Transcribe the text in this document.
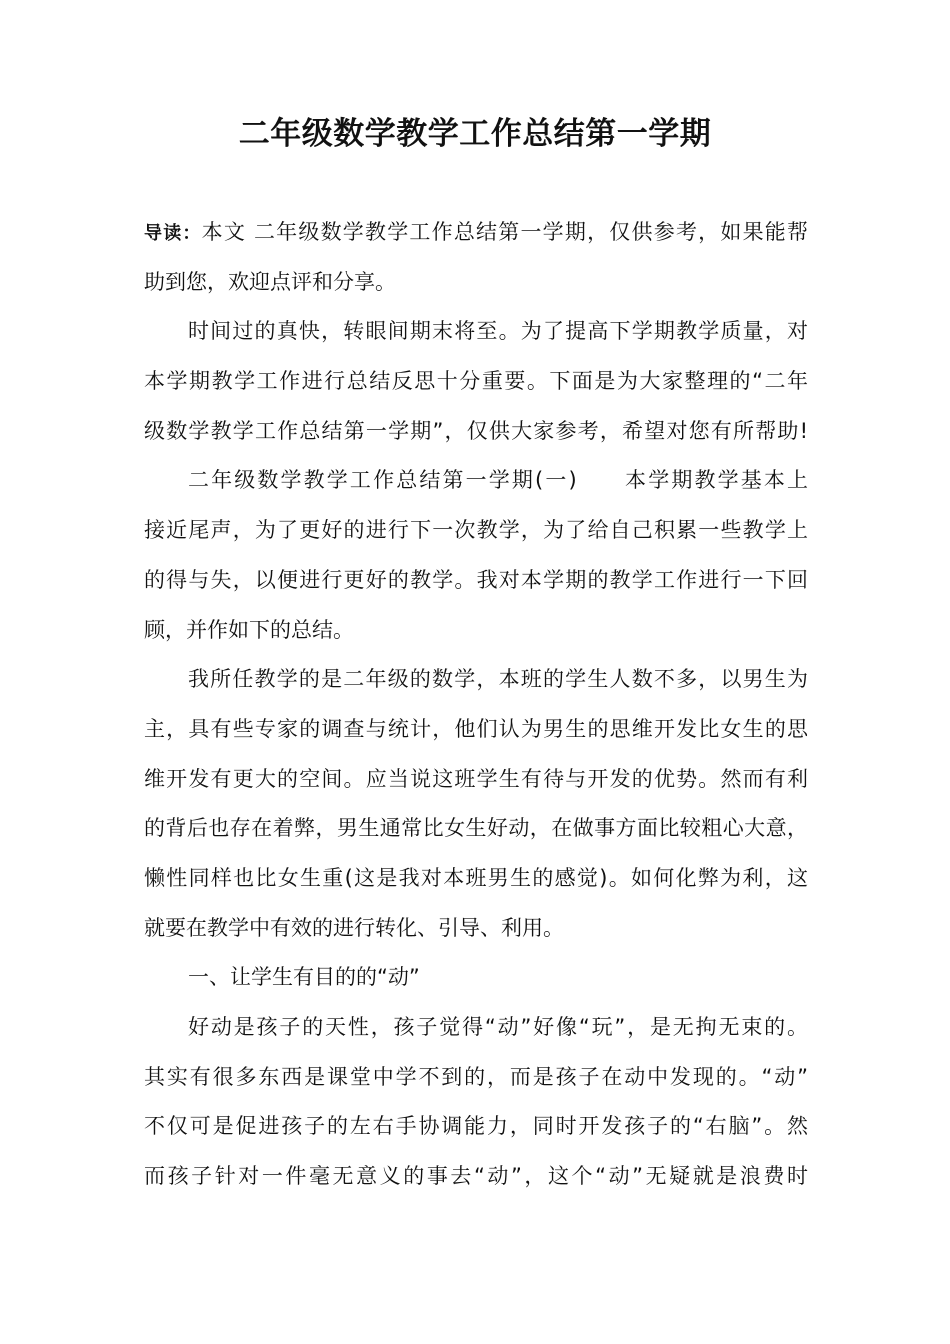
二年级数学教学工作总结第一学期
导读：本文 二年级数学教学工作总结第一学期，仅供参考，如果能帮
助到您，欢迎点评和分享。
时间过的真快，转眼间期末将至。为了提高下学期教学质量，对
本学期教学工作进行总结反思十分重要。下面是为大家整理的“二年
级数学教学工作总结第一学期”，仅供大家参考，希望对您有所帮助!
二年级数学教学工作总结第一学期(一)　　本学期教学基本上
接近尾声，为了更好的进行下一次教学，为了给自己积累一些教学上
的得与失，以便进行更好的教学。我对本学期的教学工作进行一下回
顾，并作如下的总结。
我所任教学的是二年级的数学，本班的学生人数不多，以男生为
主，具有些专家的调查与统计，他们认为男生的思维开发比女生的思
维开发有更大的空间。应当说这班学生有待与开发的优势。然而有利
的背后也存在着弊，男生通常比女生好动，在做事方面比较粗心大意，
懒性同样也比女生重(这是我对本班男生的感觉)。如何化弊为利，这
就要在教学中有效的进行转化、引导、利用。
一、让学生有目的的“动”
好动是孩子的天性，孩子觉得“动”好像“玩”，是无拘无束的。
其实有很多东西是课堂中学不到的，而是孩子在动中发现的。“动”
不仅可是促进孩子的左右手协调能力，同时开发孩子的“右脑”。然
而孩子针对一件毫无意义的事去“动”，这个“动”无疑就是浪费时
